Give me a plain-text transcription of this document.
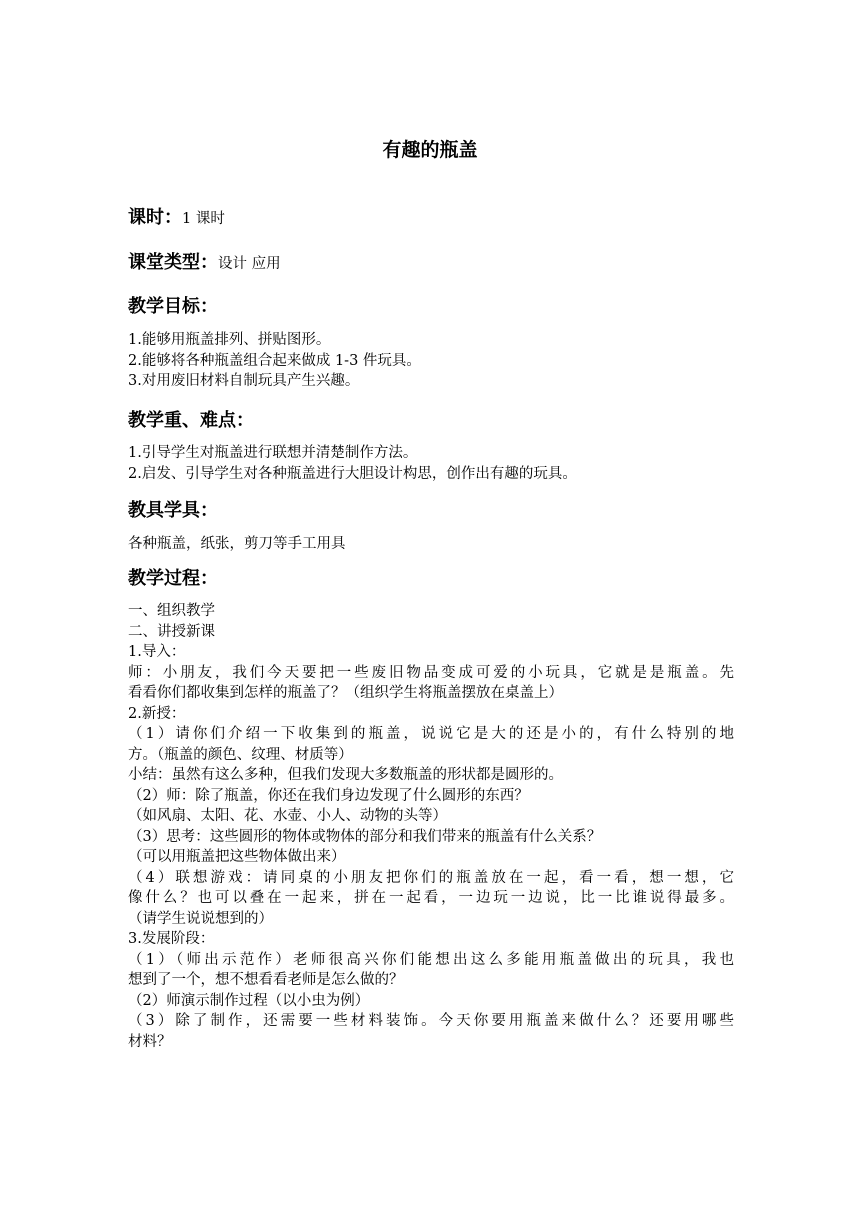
有趣的瓶盖
课时：1 课时
课堂类型：设计 应用
教学目标：
1.能够用瓶盖排列、拼贴图形。
2.能够将各种瓶盖组合起来做成 1-3 件玩具。
3.对用废旧材料自制玩具产生兴趣。
教学重、难点：
1.引导学生对瓶盖进行联想并清楚制作方法。
2.启发、引导学生对各种瓶盖进行大胆设计构思，创作出有趣的玩具。
教具学具：
各种瓶盖，纸张，剪刀等手工用具
教学过程：
一、组织教学
二、讲授新课
1.导入：
师：小朋友，我们今天要把一些废旧物品变成可爱的小玩具，它就是是瓶盖。先
看看你们都收集到怎样的瓶盖了？（组织学生将瓶盖摆放在桌盖上）
2.新授：
（1）请你们介绍一下收集到的瓶盖，说说它是大的还是小的，有什么特别的地
方。（瓶盖的颜色、纹理、材质等）
小结：虽然有这么多种，但我们发现大多数瓶盖的形状都是圆形的。
（2）师：除了瓶盖，你还在我们身边发现了什么圆形的东西？
（如风扇、太阳、花、水壶、小人、动物的头等）
（3）思考：这些圆形的物体或物体的部分和我们带来的瓶盖有什么关系？
（可以用瓶盖把这些物体做出来）
（4）联想游戏：请同桌的小朋友把你们的瓶盖放在一起，看一看，想一想，它
像什么？也可以叠在一起来，拼在一起看，一边玩一边说，比一比谁说得最多。
（请学生说说想到的）
3.发展阶段：
（1）（师出示范作）老师很高兴你们能想出这么多能用瓶盖做出的玩具，我也
想到了一个，想不想看看老师是怎么做的？
（2）师演示制作过程（以小虫为例）
（3）除了制作，还需要一些材料装饰。今天你要用瓶盖来做什么？还要用哪些
材料？
